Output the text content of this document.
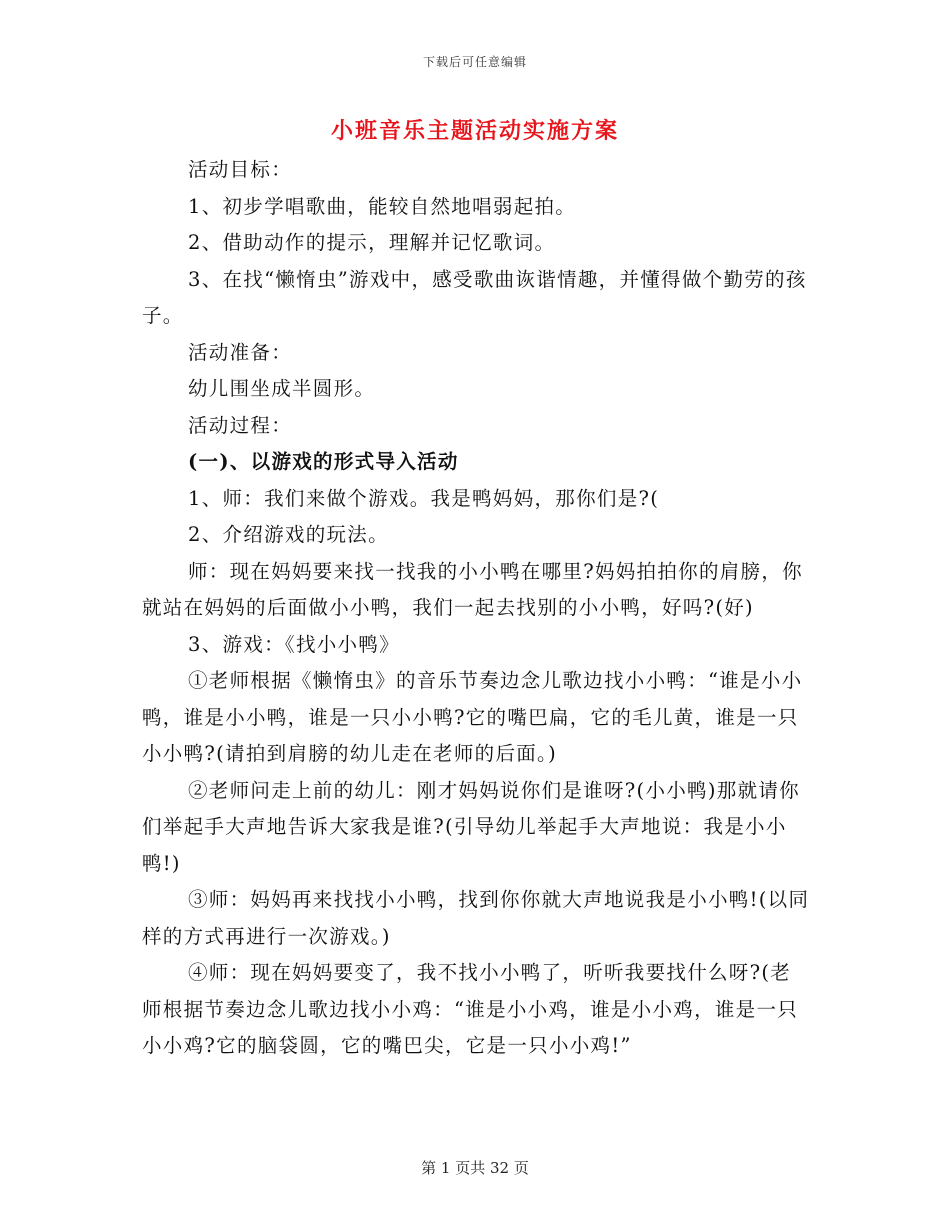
下载后可任意编辑
小班音乐主题活动实施方案

活动目标：

1、初步学唱歌曲，能较自然地唱弱起拍。

2、借助动作的提示，理解并记忆歌词。

3、在找“懒惰虫”游戏中，感受歌曲诙谐情趣，并懂得做个勤劳的孩子。

活动准备：

幼儿围坐成半圆形。

活动过程：

(一)、以游戏的形式导入活动

1、师：我们来做个游戏。我是鸭妈妈，那你们是?(

2、介绍游戏的玩法。

师：现在妈妈要来找一找我的小小鸭在哪里?妈妈拍拍你的肩膀，你就站在妈妈的后面做小小鸭，我们一起去找别的小小鸭，好吗?(好)

3、游戏：《找小小鸭》

①老师根据《懒惰虫》的音乐节奏边念儿歌边找小小鸭：“谁是小小鸭，谁是小小鸭，谁是一只小小鸭?它的嘴巴扁，它的毛儿黄，谁是一只小小鸭?(请拍到肩膀的幼儿走在老师的后面。)

②老师问走上前的幼儿：刚才妈妈说你们是谁呀?(小小鸭)那就请你们举起手大声地告诉大家我是谁?(引导幼儿举起手大声地说：我是小小鸭!)

③师：妈妈再来找找小小鸭，找到你你就大声地说我是小小鸭!(以同样的方式再进行一次游戏。)

④师：现在妈妈要变了，我不找小小鸭了，听听我要找什么呀?(老师根据节奏边念儿歌边找小小鸡：“谁是小小鸡，谁是小小鸡，谁是一只小小鸡?它的脑袋圆，它的嘴巴尖，它是一只小小鸡!”

第 1 页共 32 页
